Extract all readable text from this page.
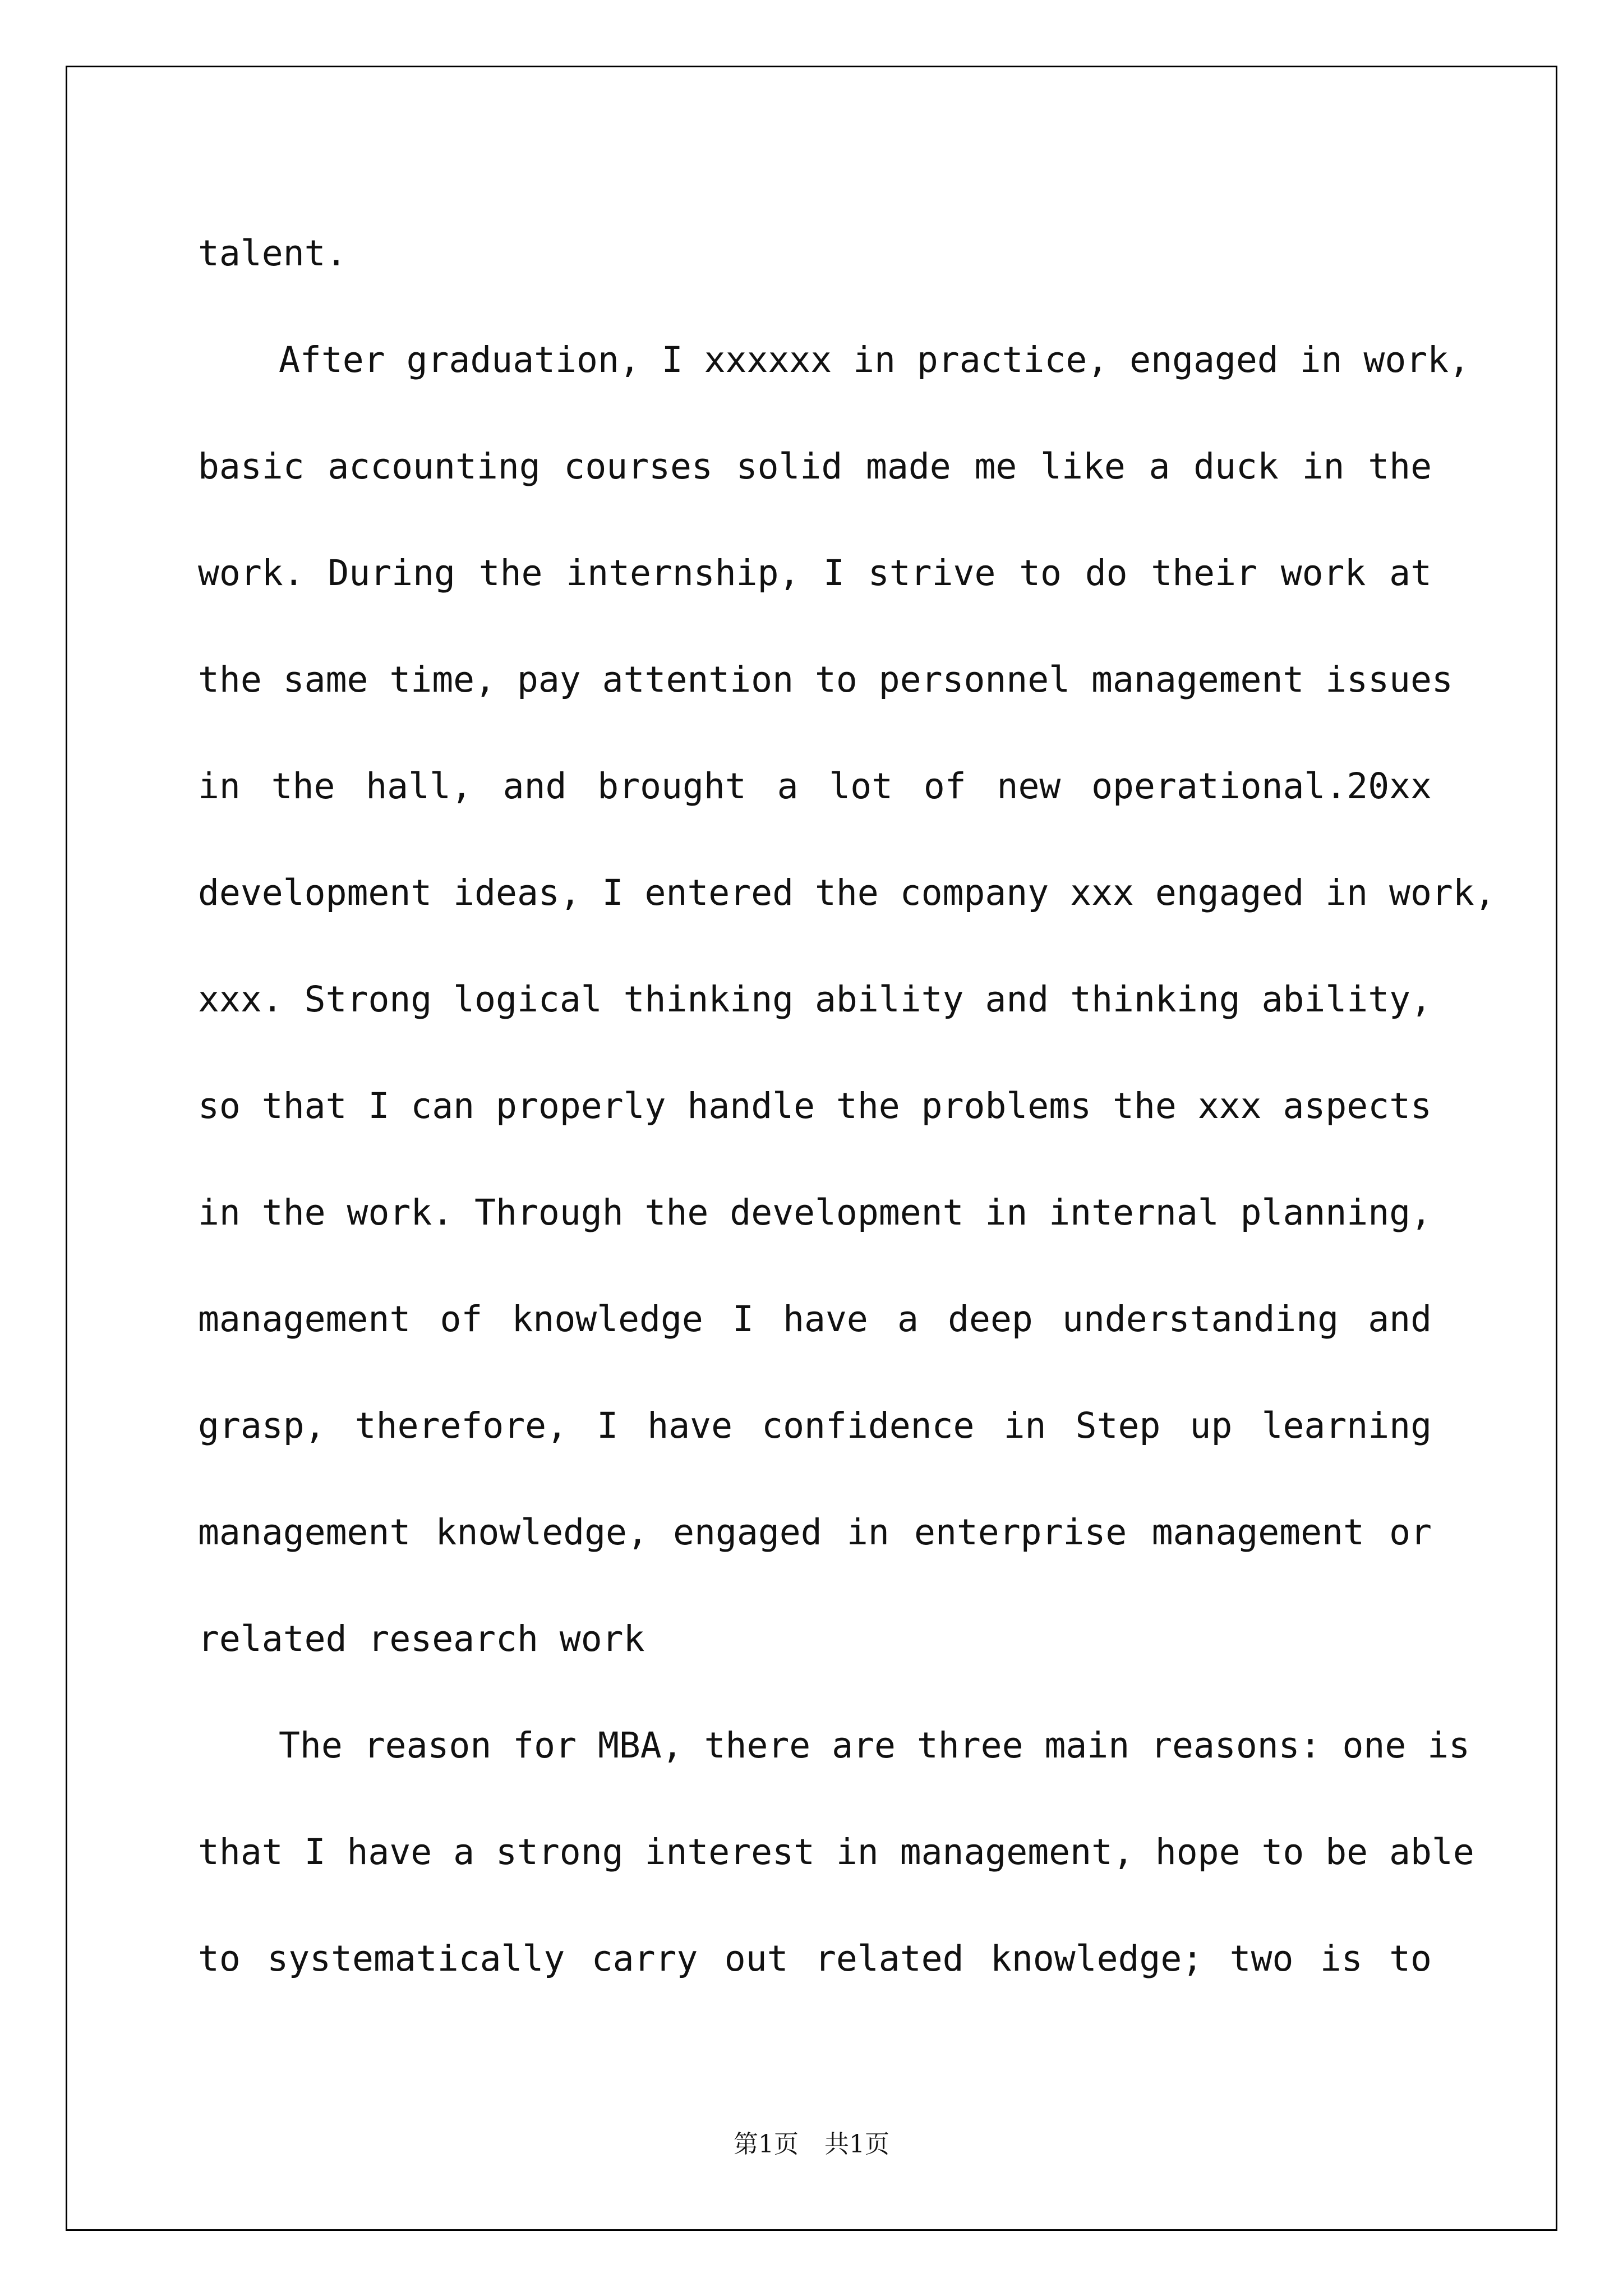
talent.
After graduation, I xxxxxx in practice, engaged in work,
basic accounting courses solid made me like a duck in the
work. During the internship, I strive to do their work at
the same time, pay attention to personnel management issues
in the hall, and brought a lot of new operational.20xx
development ideas, I entered the company xxx engaged in work,
xxx. Strong logical thinking ability and thinking ability,
so that I can properly handle the problems the xxx aspects
in the work. Through the development in internal planning,
management of knowledge I have a deep understanding and
grasp, therefore, I have confidence in Step up learning
management knowledge, engaged in enterprise management or
related research work
The reason for MBA, there are three main reasons: one is
that I have a strong interest in management, hope to be able
to systematically carry out related knowledge; two is to
第1页 共1页
